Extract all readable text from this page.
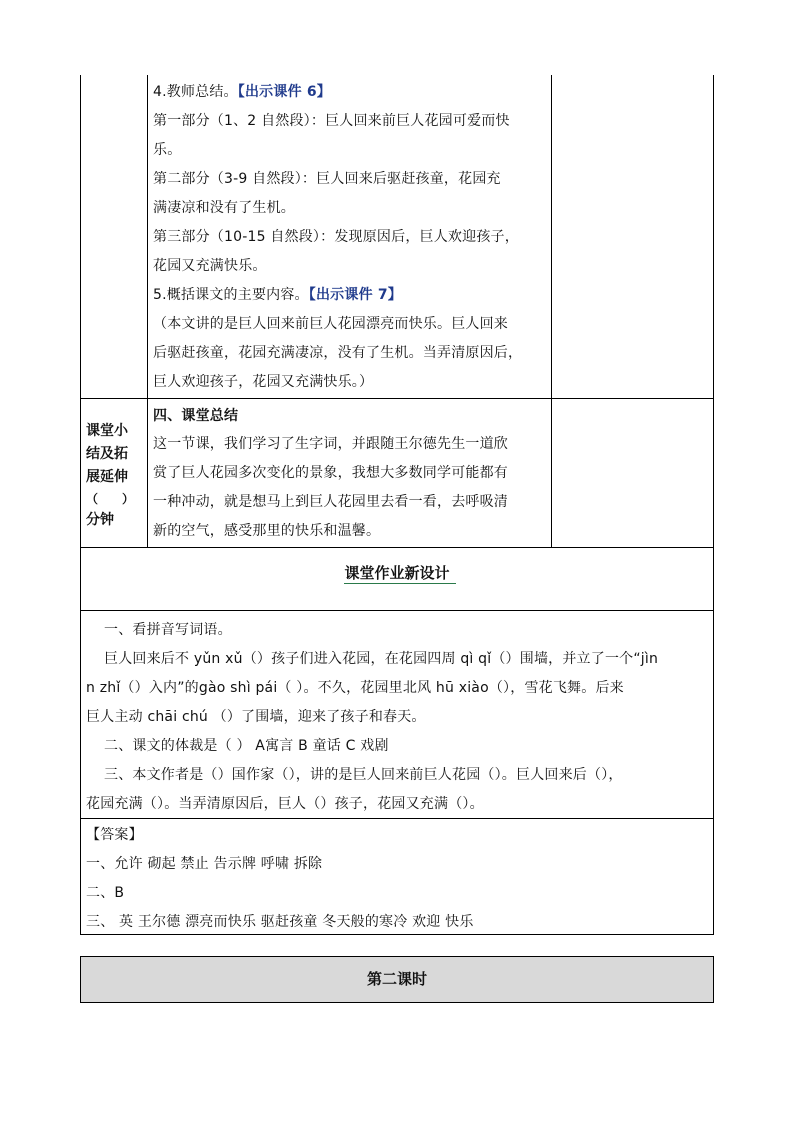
4.教师总结。【出示课件 6】
第一部分（1、2 自然段）：巨人回来前巨人花园可爱而快
乐。
第二部分（3-9 自然段）：巨人回来后驱赶孩童，花园充
满凄凉和没有了生机。
第三部分（10-15 自然段）：发现原因后，巨人欢迎孩子，
花园又充满快乐。
5.概括课文的主要内容。【出示课件 7】
（本文讲的是巨人回来前巨人花园漂亮而快乐。巨人回来
后驱赶孩童，花园充满凄凉，没有了生机。当弄清原因后，
巨人欢迎孩子，花园又充满快乐。）
课堂小
结及拓
展延伸
（　　）
分钟
四、课堂总结
这一节课，我们学习了生字词，并跟随王尔德先生一道欣
赏了巨人花园多次变化的景象，我想大多数同学可能都有
一种冲动，就是想马上到巨人花园里去看一看，去呼吸清
新的空气，感受那里的快乐和温馨。
课堂作业新设计
一、看拼音写词语。
巨人回来后不 yǔn xǔ（）孩子们进入花园，在花园四周 qì qǐ（）围墙，并立了一个“jìn
n zhǐ（）入内”的gào shì pái（ ）。不久，花园里北风 hū xiào（），雪花飞舞。后来
巨人主动 chāi chú （）了围墙，迎来了孩子和春天。
二、课文的体裁是（ ） A寓言 B 童话 C 戏剧
三、本文作者是（）国作家（），讲的是巨人回来前巨人花园（）。巨人回来后（），
花园充满（）。当弄清原因后，巨人（）孩子，花园又充满（）。
【答案】
一、允许 砌起 禁止 告示牌 呼啸 拆除
二、B
三、 英 王尔德 漂亮而快乐 驱赶孩童 冬天般的寒冷 欢迎 快乐
第二课时
